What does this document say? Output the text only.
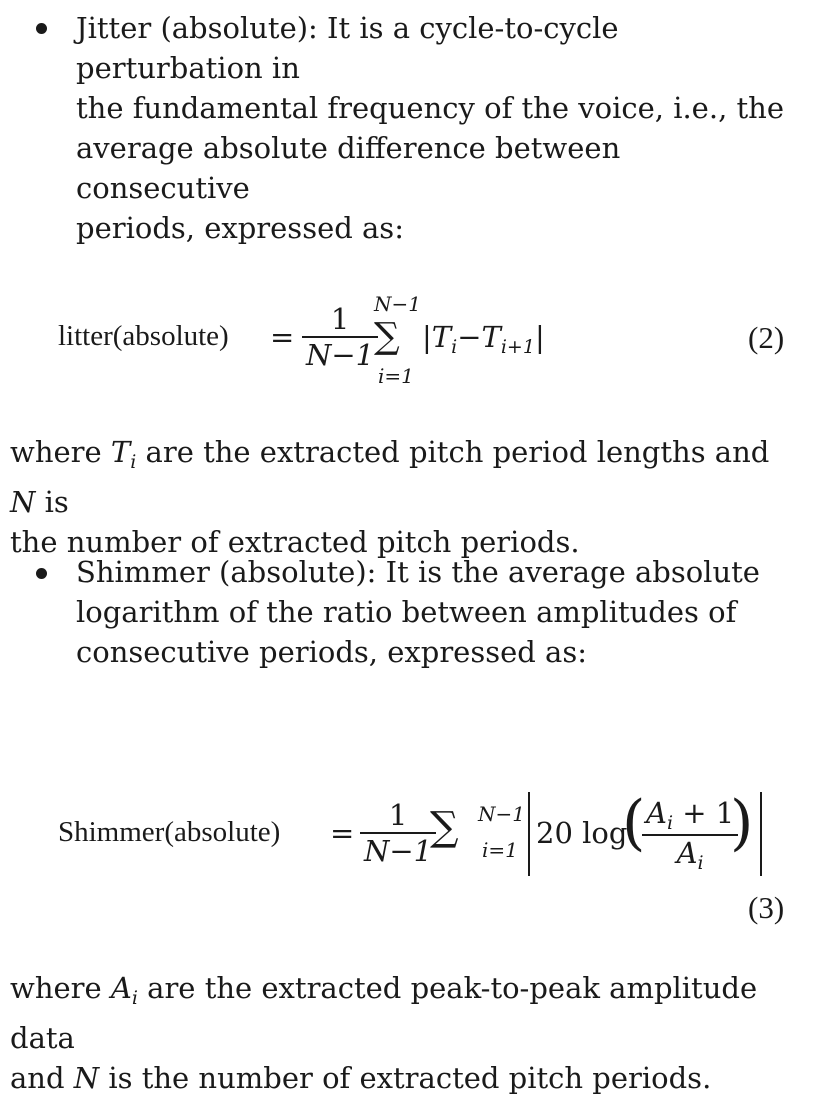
Jitter (absolute): It is a cycle-to-cycle perturbation in
the fundamental frequency of the voice, i.e., the
average absolute difference between consecutive
periods, expressed as:
litter(absolute) =
1
N−1
N−1
∑
i=1
$|T_i-T_{i+1}|$	(2)
where $T_i$ are the extracted pitch period lengths and N is
the number of extracted pitch periods.
Shimmer (absolute): It is the average absolute
logarithm of the ratio between amplitudes of
consecutive periods, expressed as:
Shimmer(absolute) =
1
N−1
∑ N−1
i=1 20 log
( $A_i + 1$
$A_i$
)
(3)
where $A_i$ are the extracted peak-to-peak amplitude data
and N is the number of extracted pitch periods.
